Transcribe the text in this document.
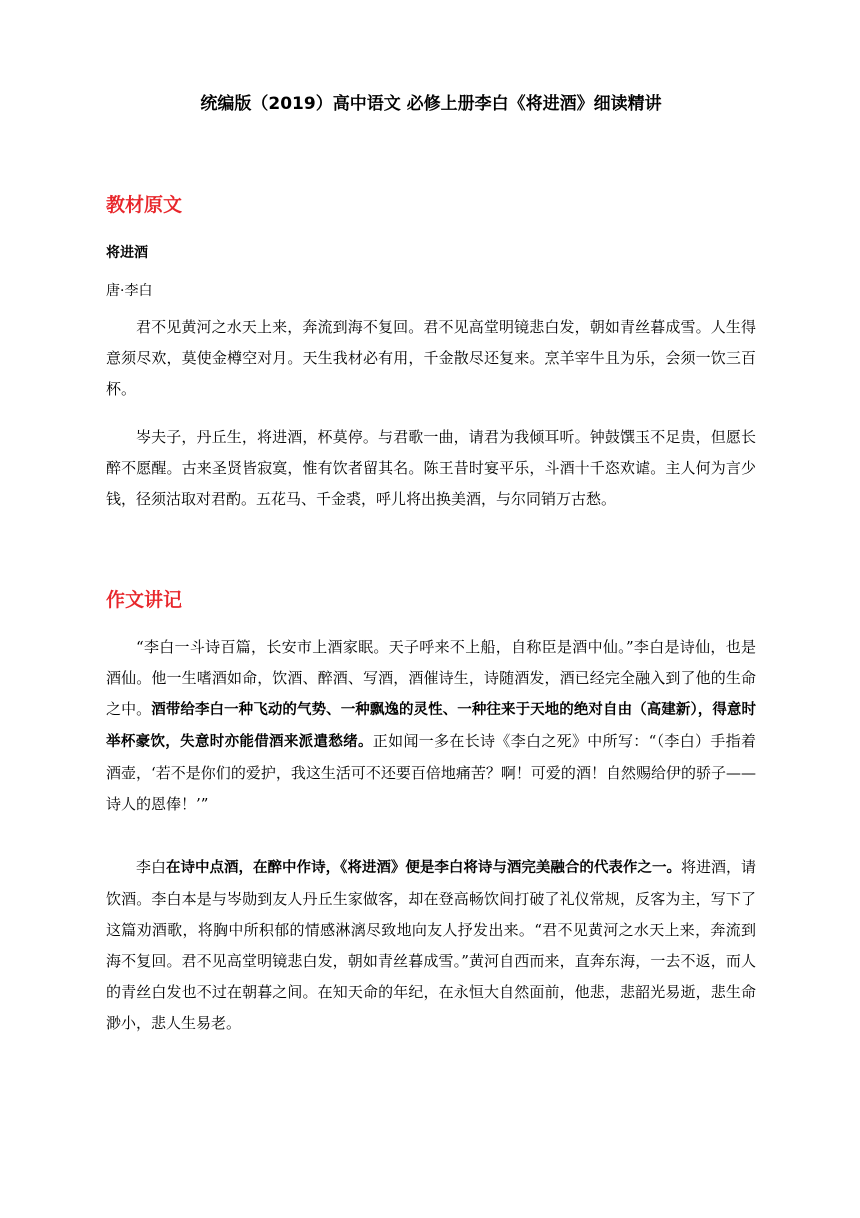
统编版（2019）高中语文 必修上册李白《将进酒》细读精讲
教材原文
将进酒
唐·李白

君不见黄河之水天上来，奔流到海不复回。君不见高堂明镜悲白发，朝如青丝暮成雪。人生得意须尽欢，莫使金樽空对月。天生我材必有用，千金散尽还复来。烹羊宰牛且为乐，会须一饮三百杯。

岑夫子，丹丘生，将进酒，杯莫停。与君歌一曲，请君为我倾耳听。钟鼓馔玉不足贵，但愿长醉不愿醒。古来圣贤皆寂寞，惟有饮者留其名。陈王昔时宴平乐，斗酒十千恣欢谑。主人何为言少钱，径须沽取对君酌。五花马、千金裘，呼儿将出换美酒，与尔同销万古愁。

作文讲记

“李白一斗诗百篇，长安市上酒家眠。天子呼来不上船，自称臣是酒中仙。”李白是诗仙，也是酒仙。他一生嗜酒如命，饮酒、醉酒、写酒，酒催诗生，诗随酒发，酒已经完全融入到了他的生命之中。酒带给李白一种飞动的气势、一种飘逸的灵性、一种往来于天地的绝对自由（高建新），得意时举杯豪饮，失意时亦能借酒来派遣愁绪。正如闻一多在长诗《李白之死》中所写：“（李白）手指着酒壶，‘若不是你们的爱护，我这生活可不还要百倍地痛苦？啊！可爱的酒！自然赐给伊的骄子——诗人的恩俸！’”

李白在诗中点酒，在醉中作诗，《将进酒》便是李白将诗与酒完美融合的代表作之一。将进酒，请饮酒。李白本是与岑勋到友人丹丘生家做客，却在登高畅饮间打破了礼仪常规，反客为主，写下了这篇劝酒歌，将胸中所积郁的情感淋漓尽致地向友人抒发出来。“君不见黄河之水天上来，奔流到海不复回。君不见高堂明镜悲白发，朝如青丝暮成雪。”黄河自西而来，直奔东海，一去不返，而人的青丝白发也不过在朝暮之间。在知天命的年纪，在永恒大自然面前，他悲，悲韶光易逝，悲生命渺小，悲人生易老。
